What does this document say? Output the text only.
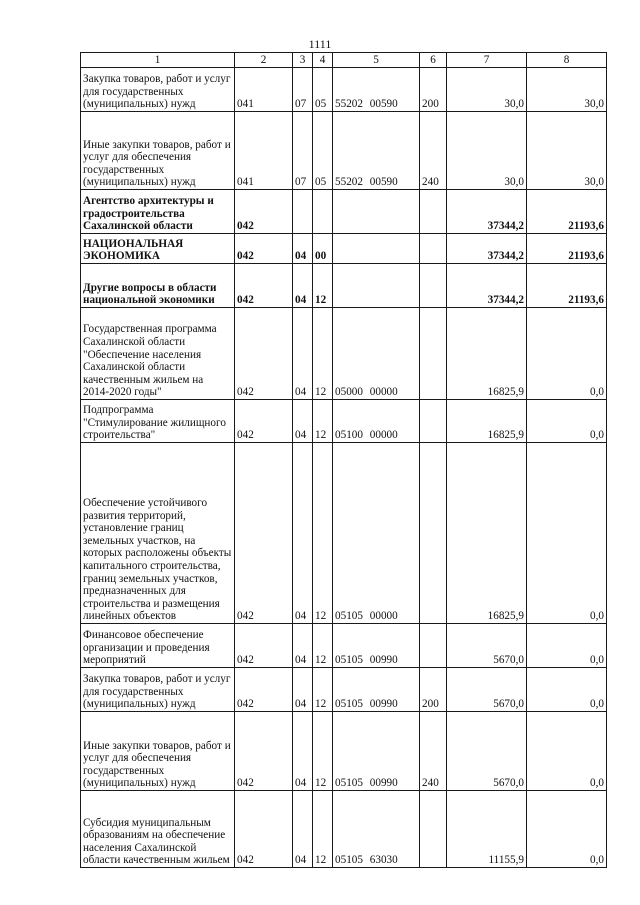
1111
1	2	3	4	5	6	7	8
Закупка товаров, работ и услуг для государственных (муниципальных) нужд	041	07	05	55202 00590	200	30,0	30,0
Иные закупки товаров, работ и услуг для обеспечения государственных (муниципальных) нужд	041	07	05	55202 00590	240	30,0	30,0
Агентство архитектуры и градостроительства Сахалинской области	042					37344,2	21193,6
НАЦИОНАЛЬНАЯ ЭКОНОМИКА	042	04	00			37344,2	21193,6
Другие вопросы в области национальной экономики	042	04	12			37344,2	21193,6
Государственная программа Сахалинской области "Обеспечение населения Сахалинской области качественным жильем на 2014-2020 годы"	042	04	12	05000 00000		16825,9	0,0
Подпрограмма "Стимулирование жилищного строительства"	042	04	12	05100 00000		16825,9	0,0
Обеспечение устойчивого развития территорий, установление границ земельных участков, на которых расположены объекты капитального строительства, границ земельных участков, предназначенных для строительства и размещения линейных объектов	042	04	12	05105 00000		16825,9	0,0
Финансовое обеспечение организации и проведения мероприятий	042	04	12	05105 00990		5670,0	0,0
Закупка товаров, работ и услуг для государственных (муниципальных) нужд	042	04	12	05105 00990	200	5670,0	0,0
Иные закупки товаров, работ и услуг для обеспечения государственных (муниципальных) нужд	042	04	12	05105 00990	240	5670,0	0,0
Субсидия муниципальным образованиям на обеспечение населения Сахалинской области качественным жильем	042	04	12	05105 63030		11155,9	0,0
